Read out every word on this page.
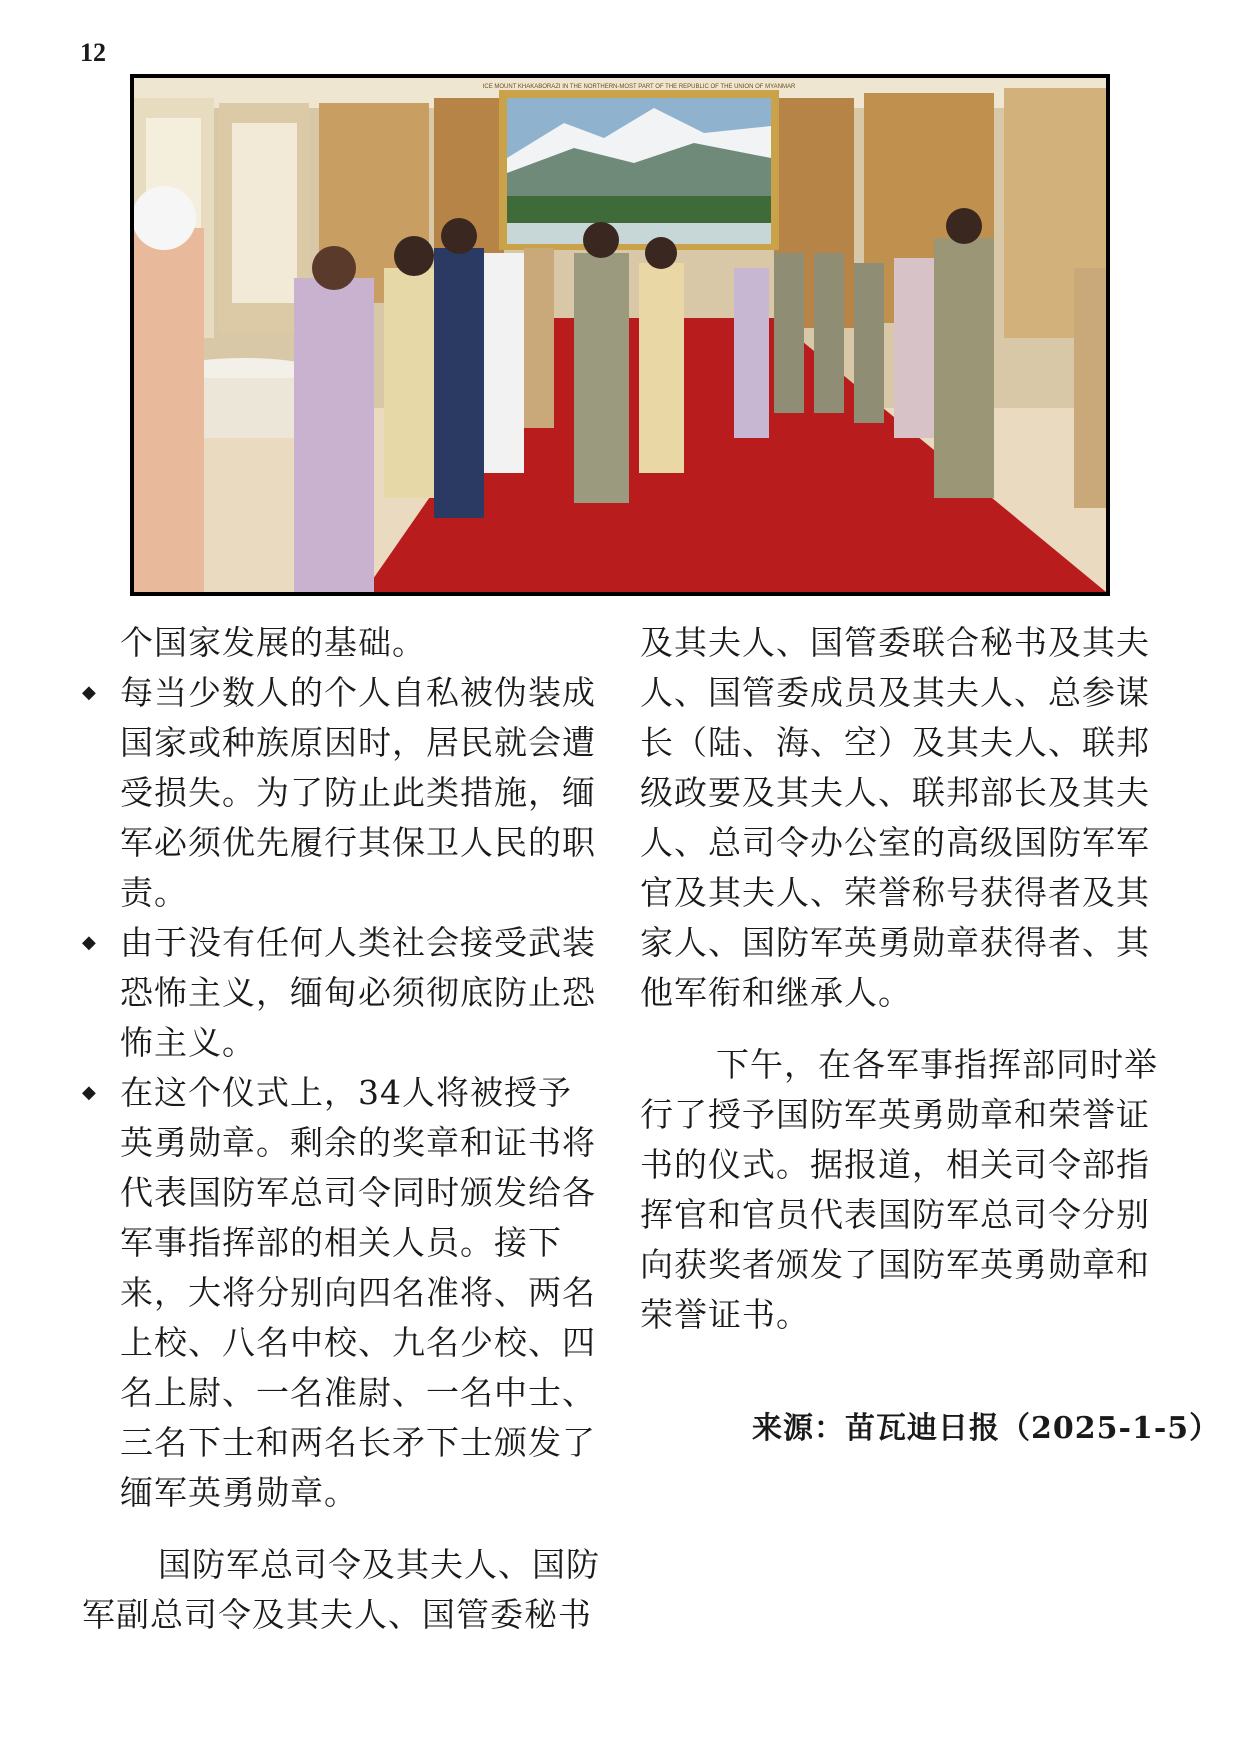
12
ICE MOUNT KHAKABORAZI IN THE NORTHERN-MOST PART OF THE REPUBLIC OF THE UNION OF MYANMAR

个国家发展的基础。

◆ 每当少数人的个人自私被伪装成国家或种族原因时，居民就会遭受损失。为了防止此类措施，缅军必须优先履行其保卫人民的职责。

◆ 由于没有任何人类社会接受武装恐怖主义，缅甸必须彻底防止恐怖主义。

◆ 在这个仪式上，34人将被授予英勇勋章。剩余的奖章和证书将代表国防军总司令同时颁发给各军事指挥部的相关人员。接下来，大将分别向四名准将、两名上校、八名中校、九名少校、四名上尉、一名准尉、一名中士、三名下士和两名长矛下士颁发了缅军英勇勋章。

国防军总司令及其夫人、国防军副总司令及其夫人、国管委秘书

及其夫人、国管委联合秘书及其夫人、国管委成员及其夫人、总参谋长（陆、海、空）及其夫人、联邦级政要及其夫人、联邦部长及其夫人、总司令办公室的高级国防军军官及其夫人、荣誉称号获得者及其家人、国防军英勇勋章获得者、其他军衔和继承人。

下午，在各军事指挥部同时举行了授予国防军英勇勋章和荣誉证书的仪式。据报道，相关司令部指挥官和官员代表国防军总司令分别向获奖者颁发了国防军英勇勋章和荣誉证书。

来源：苗瓦迪日报（2025-1-5）
